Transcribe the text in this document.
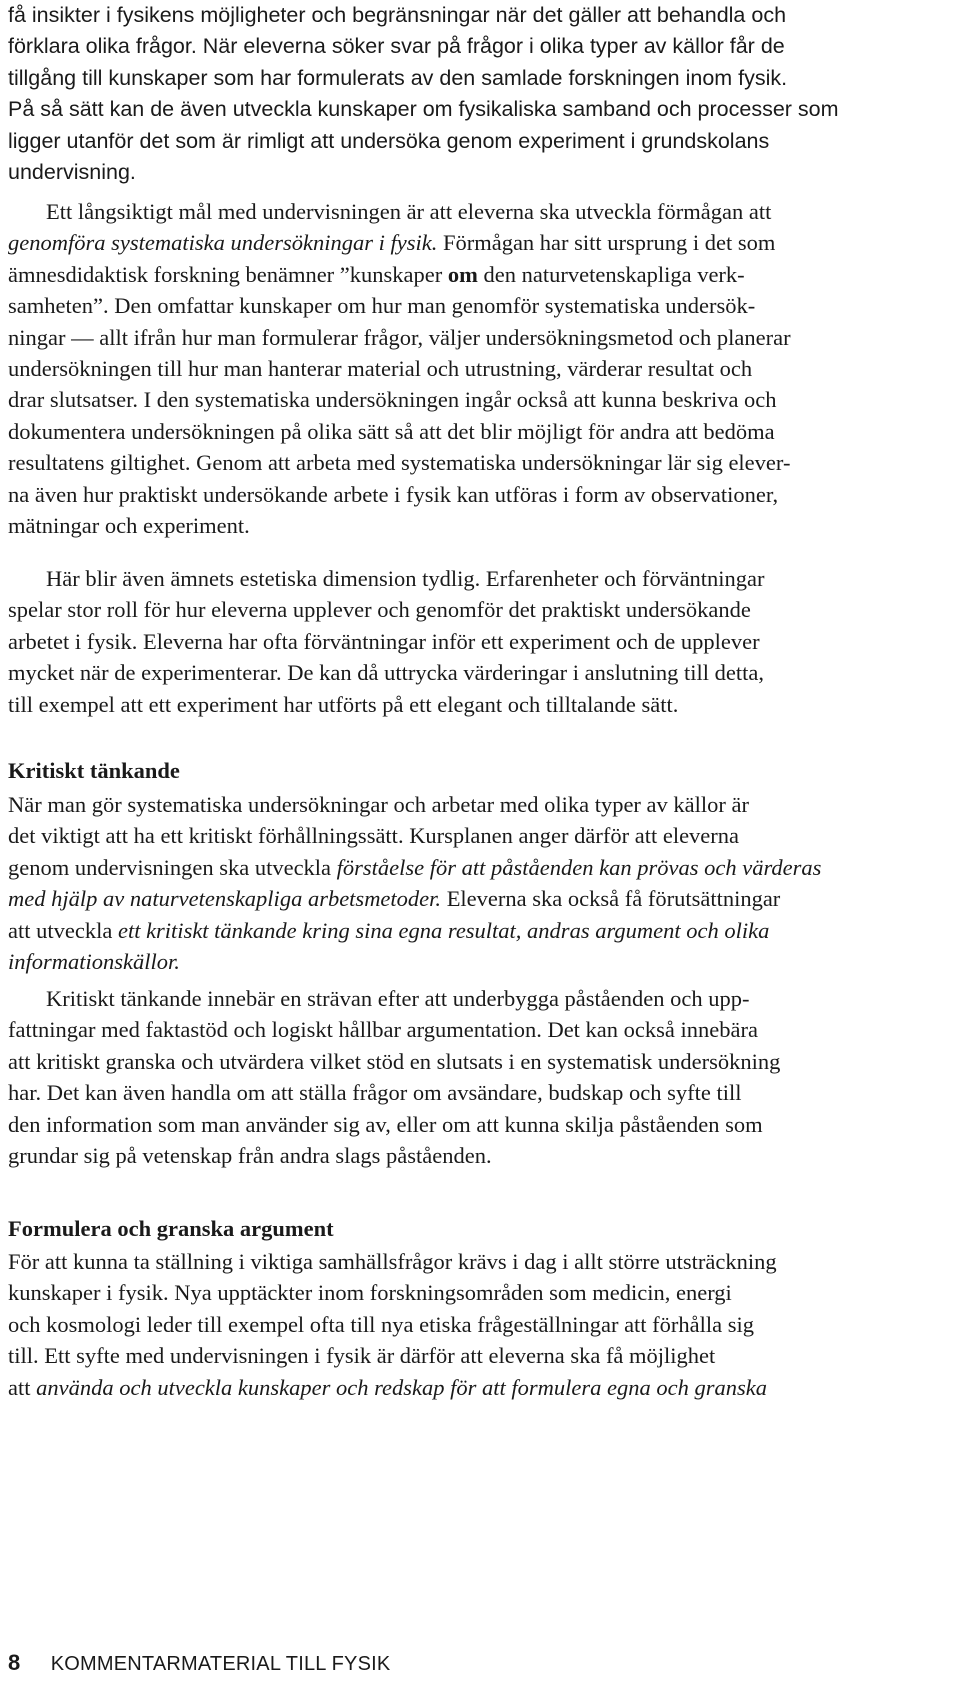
få insikter i fysikens möjligheter och begränsningar när det gäller att behandla och
förklara olika frågor. När eleverna söker svar på frågor i olika typer av källor får de
tillgång till kunskaper som har formulerats av den samlade forskningen inom fysik.
På så sätt kan de även utveckla kunskaper om fysikaliska samband och processer som
ligger utanför det som är rimligt att undersöka genom experiment i grundskolans
undervisning.
Ett långsiktigt mål med undervisningen är att eleverna ska utveckla förmågan att
genomföra systematiska undersökningar i fysik. Förmågan har sitt ursprung i det som
ämnesdidaktisk forskning benämner ”kunskaper om den naturvetenskapliga verk-
samheten”. Den omfattar kunskaper om hur man genomför systematiska undersök-
ningar — allt ifrån hur man formulerar frågor, väljer undersökningsmetod och planerar
undersökningen till hur man hanterar material och utrustning, värderar resultat och
drar slutsatser. I den systematiska undersökningen ingår också att kunna beskriva och
dokumentera undersökningen på olika sätt så att det blir möjligt för andra att bedöma
resultatens giltighet. Genom att arbeta med systematiska undersökningar lär sig elever-
na även hur praktiskt undersökande arbete i fysik kan utföras i form av observationer,
mätningar och experiment.
Här blir även ämnets estetiska dimension tydlig. Erfarenheter och förväntningar
spelar stor roll för hur eleverna upplever och genomför det praktiskt undersökande
arbetet i fysik. Eleverna har ofta förväntningar inför ett experiment och de upplever
mycket när de experimenterar. De kan då uttrycka värderingar i anslutning till detta,
till exempel att ett experiment har utförts på ett elegant och tilltalande sätt.
Kritiskt tänkande
När man gör systematiska undersökningar och arbetar med olika typer av källor är
det viktigt att ha ett kritiskt förhållningssätt. Kursplanen anger därför att eleverna
genom undervisningen ska utveckla förståelse för att påståenden kan prövas och värderas
med hjälp av naturvetenskapliga arbetsmetoder. Eleverna ska också få förutsättningar
att utveckla ett kritiskt tänkande kring sina egna resultat, andras argument och olika
informationskällor.
Kritiskt tänkande innebär en strävan efter att underbygga påståenden och upp-
fattningar med faktastöd och logiskt hållbar argumentation. Det kan också innebära
att kritiskt granska och utvärdera vilket stöd en slutsats i en systematisk undersökning
har. Det kan även handla om att ställa frågor om avsändare, budskap och syfte till
den information som man använder sig av, eller om att kunna skilja påståenden som
grundar sig på vetenskap från andra slags påståenden.
Formulera och granska argument
För att kunna ta ställning i viktiga samhällsfrågor krävs i dag i allt större utsträckning
kunskaper i fysik. Nya upptäckter inom forskningsområden som medicin, energi
och kosmologi leder till exempel ofta till nya etiska frågeställningar att förhålla sig
till. Ett syfte med undervisningen i fysik är därför att eleverna ska få möjlighet
att använda och utveckla kunskaper och redskap för att formulera egna och granska
8 KOMMENTARMATERIAL TILL FYSIK
